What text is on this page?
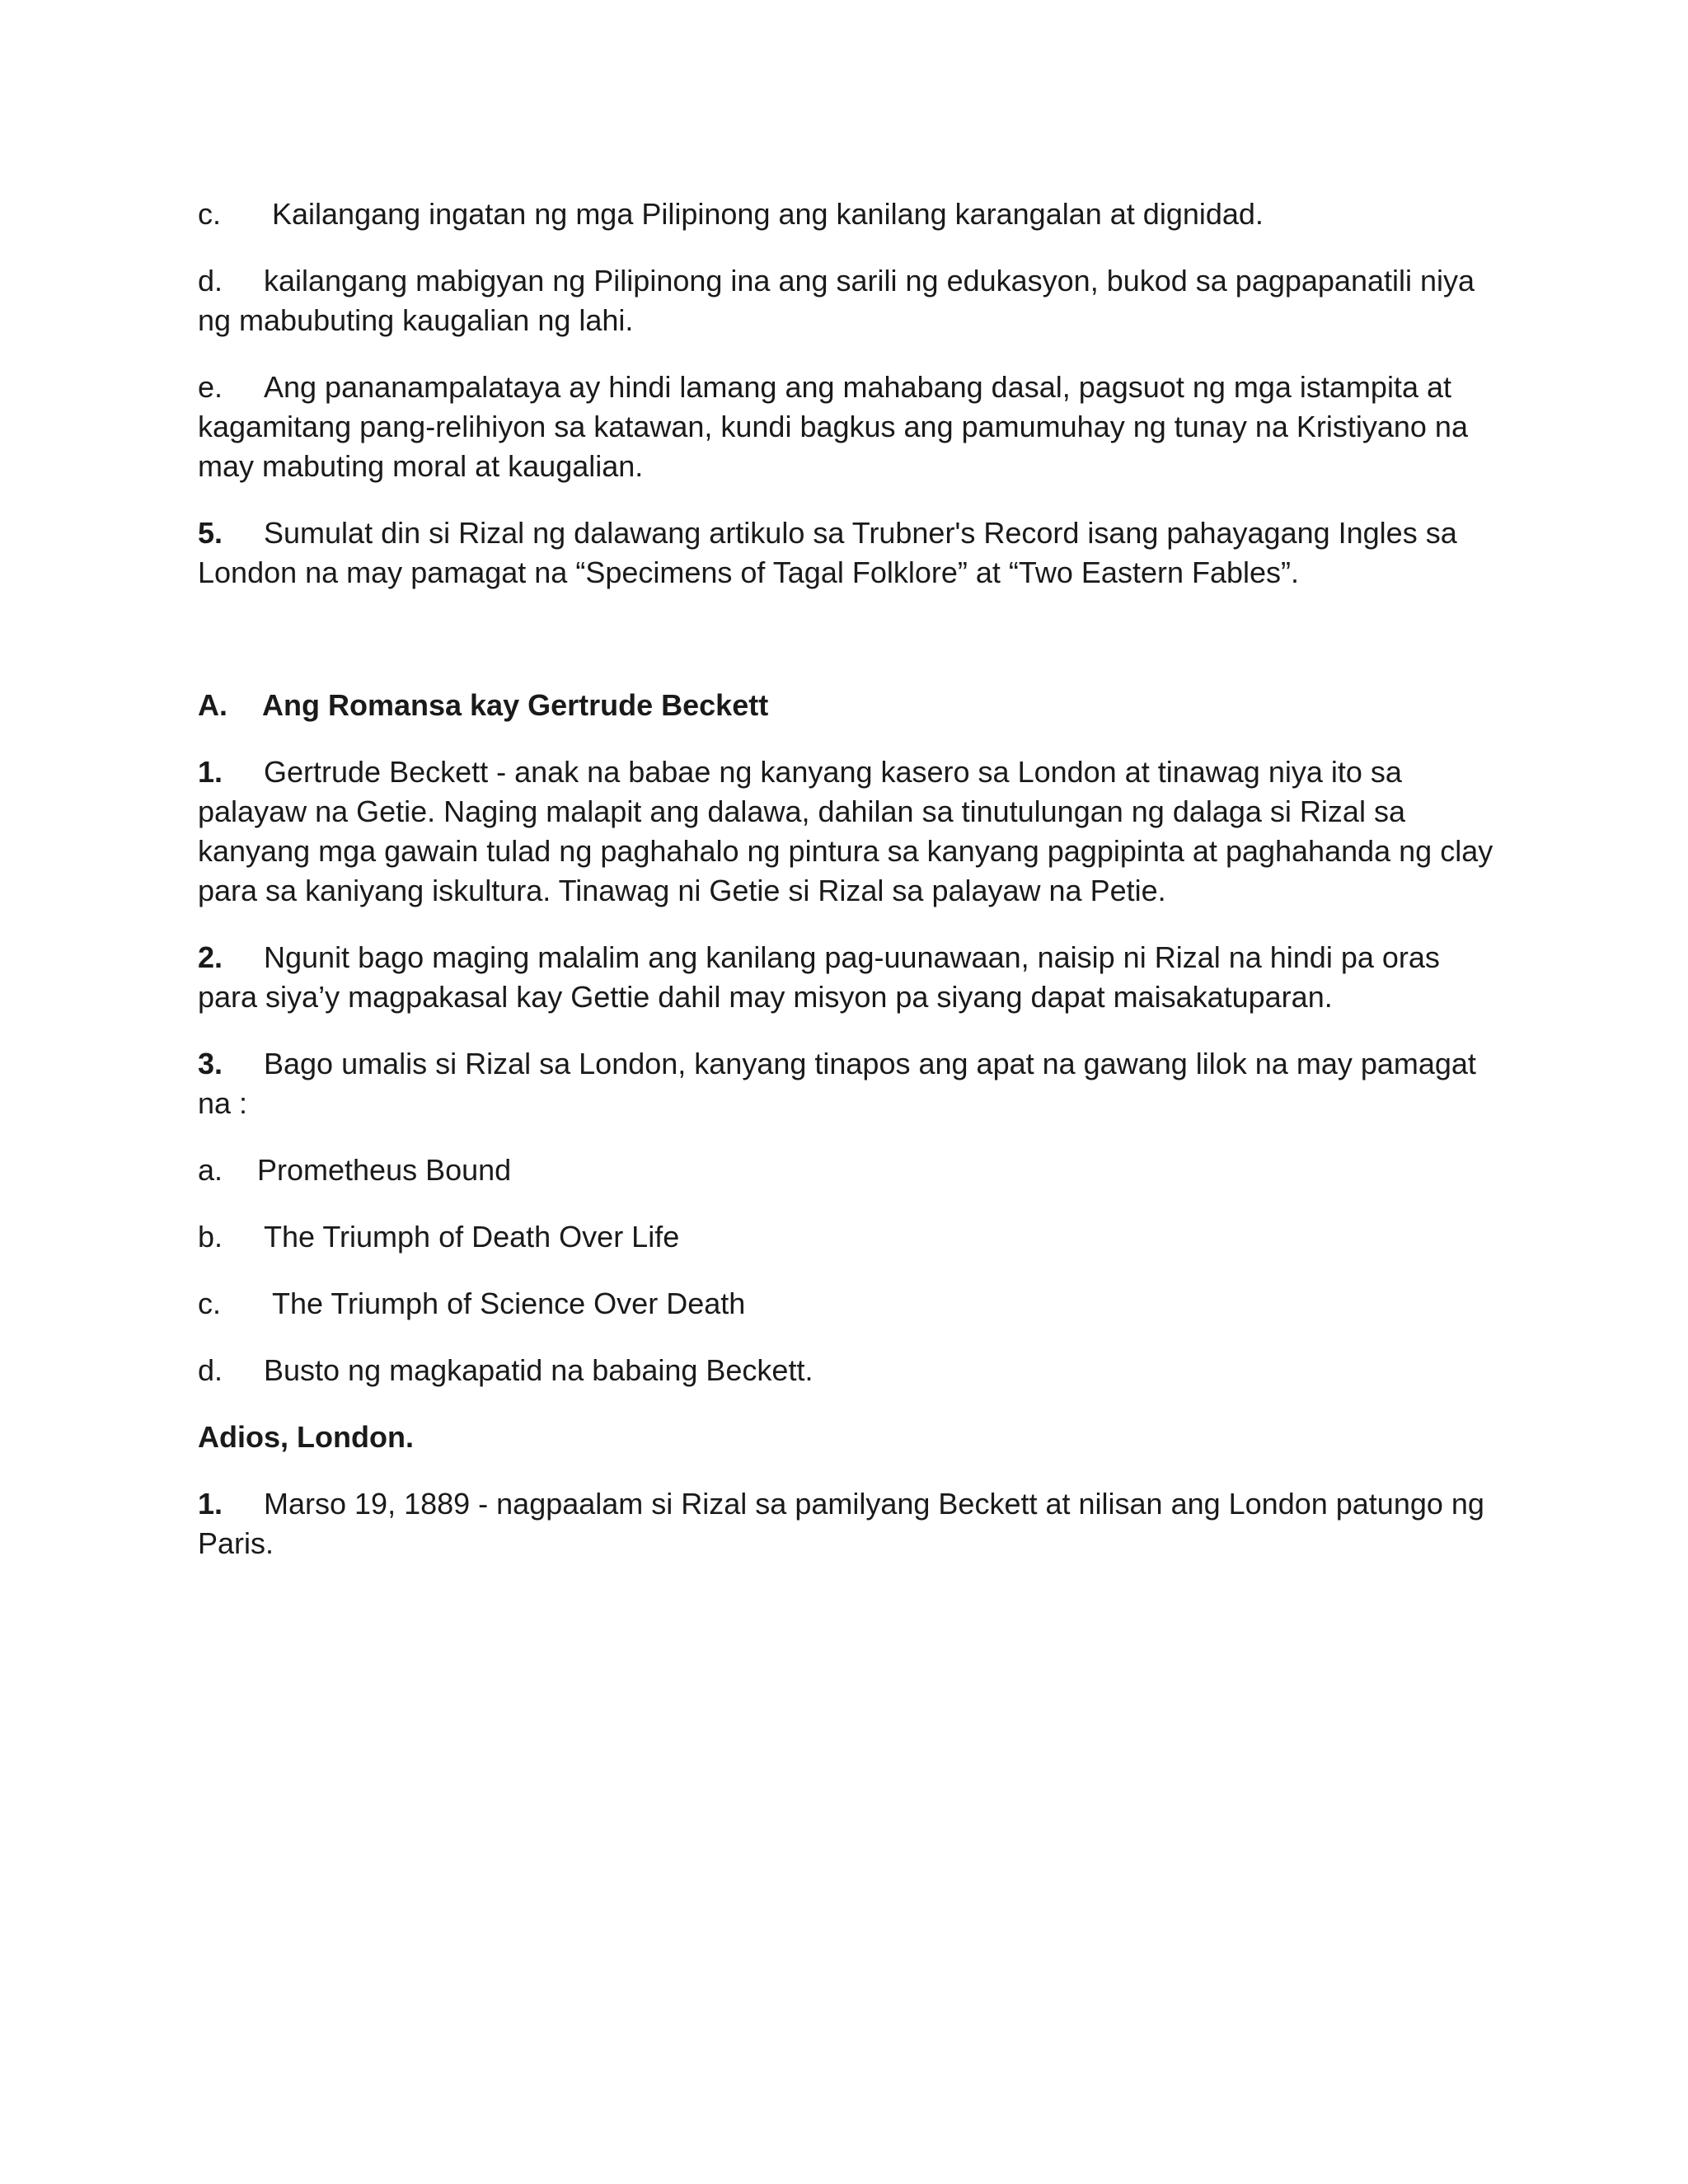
c. Kailangang ingatan ng mga Pilipinong ang kanilang karangalan at dignidad.

d. kailangang mabigyan ng Pilipinong ina ang sarili ng edukasyon, bukod sa pagpapanatili niya ng mabubuting kaugalian ng lahi.

e. Ang pananampalataya ay hindi lamang ang mahabang dasal, pagsuot ng mga istampita at kagamitang pang-relihiyon sa katawan, kundi bagkus ang pamumuhay ng tunay na Kristiyano na may mabuting moral at kaugalian.

5. Sumulat din si Rizal ng dalawang artikulo sa Trubner's Record isang pahayagang Ingles sa London na may pamagat na “Specimens of Tagal Folklore” at “Two Eastern Fables”.

A. Ang Romansa kay Gertrude Beckett

1. Gertrude Beckett - anak na babae ng kanyang kasero sa London at tinawag niya ito sa palayaw na Getie. Naging malapit ang dalawa, dahilan sa tinutulungan ng dalaga si Rizal sa kanyang mga gawain tulad ng paghahalo ng pintura sa kanyang pagpipinta at paghahanda ng clay para sa kaniyang iskultura. Tinawag ni Getie si Rizal sa palayaw na Petie.

2. Ngunit bago maging malalim ang kanilang pag-uunawaan, naisip ni Rizal na hindi pa oras para siya’y magpakasal kay Gettie dahil may misyon pa siyang dapat maisakatuparan.

3. Bago umalis si Rizal sa London, kanyang tinapos ang apat na gawang lilok na may pamagat na :

a. Prometheus Bound

b. The Triumph of Death Over Life

c. The Triumph of Science Over Death

d. Busto ng magkapatid na babaing Beckett.

Adios, London.

1. Marso 19, 1889 - nagpaalam si Rizal sa pamilyang Beckett at nilisan ang London patungo ng Paris.
